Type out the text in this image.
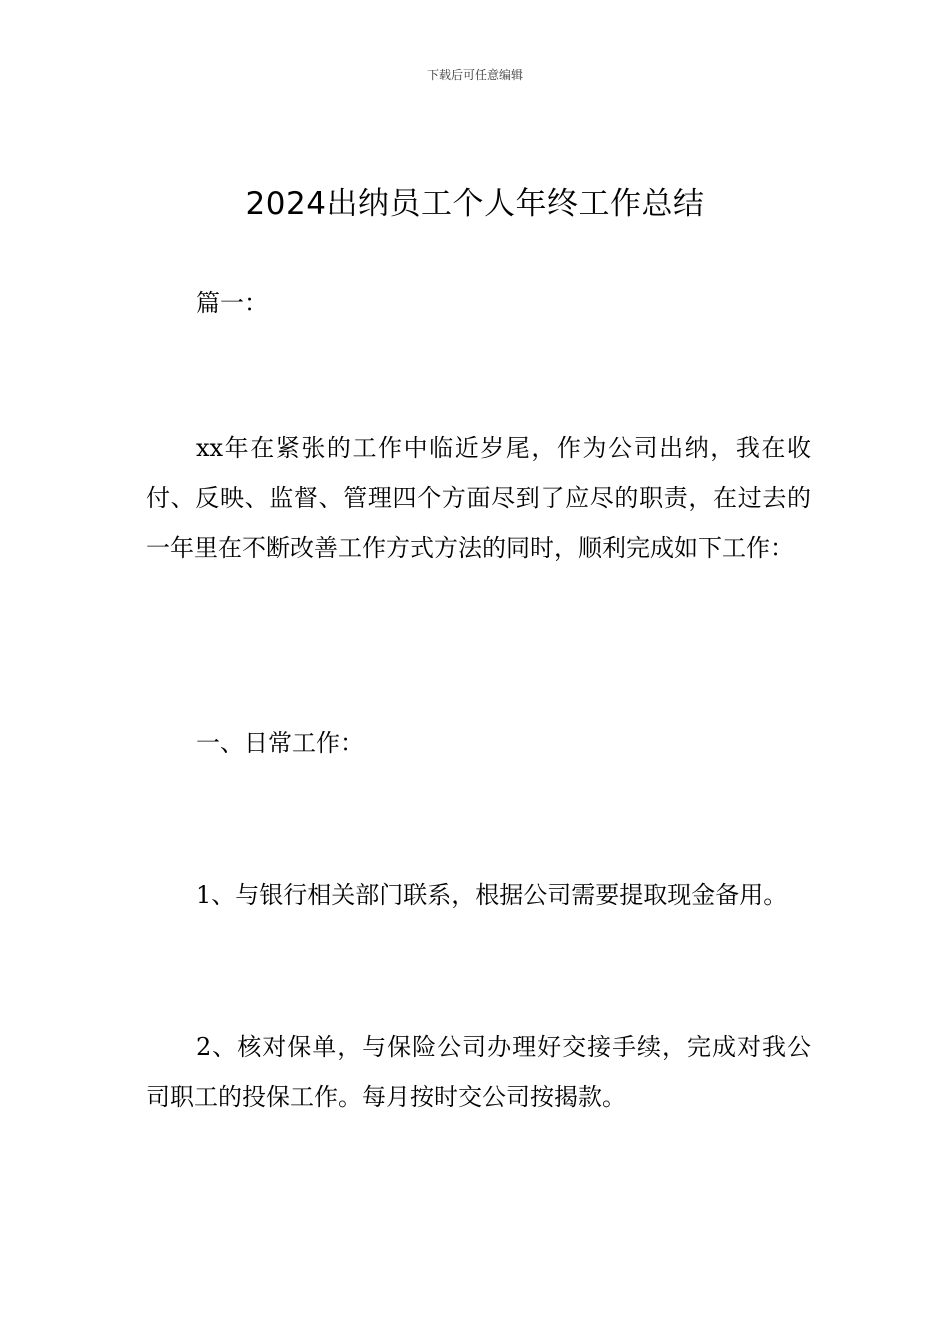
下载后可任意编辑
2024出纳员工个人年终工作总结

篇一：

xx年在紧张的工作中临近岁尾，作为公司出纳，我在收付、反映、监督、管理四个方面尽到了应尽的职责，在过去的一年里在不断改善工作方式方法的同时，顺利完成如下工作：

一、日常工作：

1、与银行相关部门联系，根据公司需要提取现金备用。

2、核对保单，与保险公司办理好交接手续，完成对我公司职工的投保工作。每月按时交公司按揭款。
